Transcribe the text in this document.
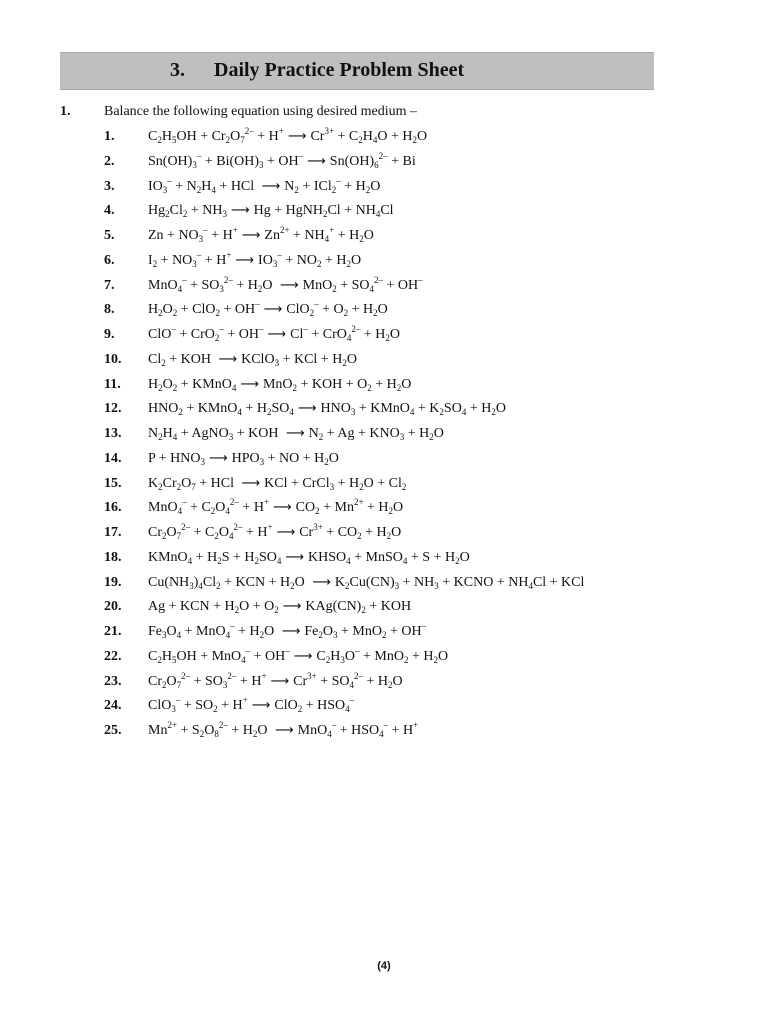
3. Daily Practice Problem Sheet
1. Balance the following equation using desired medium –
1. $C_2H_5OH + Cr_2O_7^{2-} + H^+$ ⟶ $Cr^{3+} + C_2H_4O + H_2O$
2. $Sn(OH)_3^- + Bi(OH)_3 + OH^-$ ⟶ $Sn(OH)_6^{2-} + Bi$
3. $IO_3^- + N_2H_4$ + HCl ⟶ $N_2 + ICl_2^- + H_2O$
4. $Hg_2Cl_2 + NH_3$ ⟶ Hg + HgNH$_2$Cl + $NH_4Cl$
5. $Zn + NO_3^- + H^+$ ⟶ $Zn^{2+} + NH_4^+ + H_2O$
6. $I_2 + NO_3^- + H^+$ ⟶ $IO_3^- + NO_2 + H_2O$
7. $MnO_4^- + SO_3^{2-} + H_2O$ ⟶ $MnO_2 + SO_4^{2-} + OH^-$
8. $H_2O_2 + ClO_2 + OH^-$ ⟶ $ClO_2^- + O_2 + H_2O$
9. ClO– + CrO$_2$– + OH– ⟶ $Cl^- + CrO_4^{2-} + H_2O$
10. $Cl_2$ + KOH ⟶ KClO$_3$ + KCl + $H_2O$
11. $H_2O_2$ + KMnO$_4$ ⟶ MnO$_2$ + KOH + $O_2 + H_2O$
12. $HNO_2$ + KMnO$_4$ + $H_2SO_4$ ⟶ $HNO_3$ + KMnO$_4$ + $K_2SO_4 + H_2O$
13. $N_2H_4$ + AgNO$_3$ + KOH ⟶ $N_2 + Ag + KNO_3 + H_2O$
14. $P + HNO_3$ ⟶ $HPO_3$ + NO + $H_2O$
15. $K_2Cr_2O_7$ + HCl ⟶ KCl + CrCl$_3$ + $H_2O + Cl_2$
16. $MnO_4^- + C_2O_4^{2-} + H^+$ ⟶ $CO_2 + Mn^{2+} + H_2O$
17. $Cr_2O_7^{2-} + C_2O_4^{2-} + H^+$ ⟶ $Cr^{3+} + CO_2 + H_2O$
18. KMnO$_4$ + $H_2S + H_2SO_4$ ⟶ $KHSO_4$ + MnSO$_4$ + $S + H_2O$
19. $Cu(NH_3)_4Cl_2$ + KCN + $H_2O$ ⟶ $K_2Cu(CN)_3 + NH_3$ + KCNO + $NH_4Cl$ + KCl
20. Ag + KCN + $H_2O + O_2$ ⟶ $KAg(CN)_2$ + KOH
21. $Fe_3O_4 + MnO_4^- + H_2O$ ⟶ $Fe_2O_3 + MnO_2 + OH^-$
22. $C_2H_5OH + MnO_4^- + OH^-$ ⟶ $C_2H_3O^- + MnO_2 + H_2O$
23. $Cr_2O_7^{2-} + SO_3^{2-} + H^+$ ⟶ $Cr^{3+} + SO_4^{2-} + H_2O$
24. $ClO_3^- + SO_2 + H^+$ ⟶ $ClO_2 + HSO_4^-$
25. $Mn^{2+} + S_2O_8^{2-} + H_2O$ ⟶ $MnO_4^- + HSO_4^- + H^+$
(4)
